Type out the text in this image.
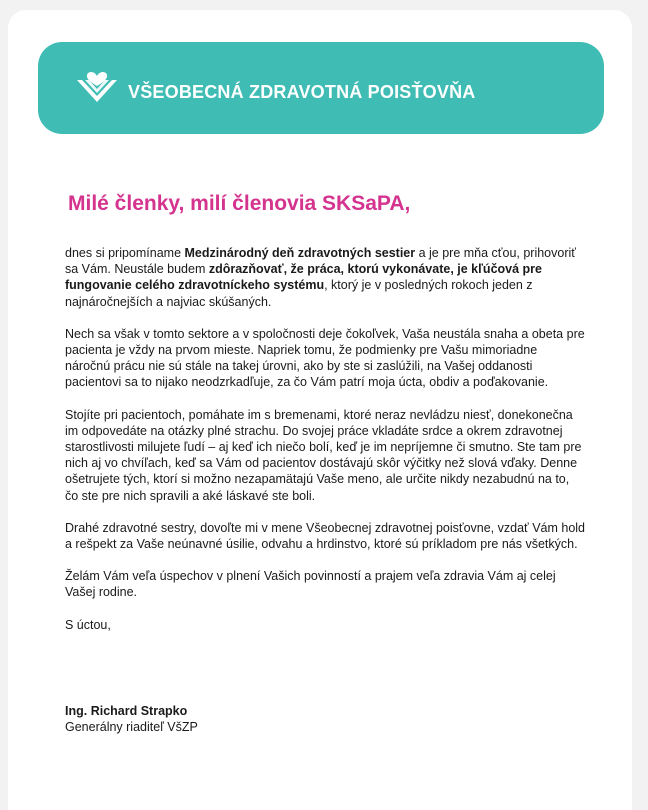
VŠEOBECNÁ ZDRAVOTNÁ POISŤOVŇA
Milé členky, milí členovia SKSaPA,

dnes si pripomíname Medzinárodný deň zdravotných sestier a je pre mňa cťou, prihovoriť sa Vám. Neustále budem zdôrazňovať, že práca, ktorú vykonávate, je kľúčová pre fungovanie celého zdravotníckeho systému, ktorý je v posledných rokoch jeden z najnáročnejších a najviac skúšaných.

Nech sa však v tomto sektore a v spoločnosti deje čokoľvek, Vaša neustála snaha a obeta pre pacienta je vždy na prvom mieste. Napriek tomu, že podmienky pre Vašu mimoriadne náročnú prácu nie sú stále na takej úrovni, ako by ste si zaslúžili, na Vašej oddanosti pacientovi sa to nijako neodzrkadľuje, za čo Vám patrí moja úcta, obdiv a poďakovanie.

Stojíte pri pacientoch, pomáhate im s bremenami, ktoré neraz nevládzu niesť, donekonečna im odpovedáte na otázky plné strachu. Do svojej práce vkladáte srdce a okrem zdravotnej starostlivosti milujete ľudí – aj keď ich niečo bolí, keď je im nepríjemne či smutno. Ste tam pre nich aj vo chvíľach, keď sa Vám od pacientov dostávajú skôr výčitky než slová vďaky. Denne ošetrujete tých, ktorí si možno nezapamätajú Vaše meno, ale určite nikdy nezabudnú na to, čo ste pre nich spravili a aké láskavé ste boli.

Drahé zdravotné sestry, dovoľte mi v mene Všeobecnej zdravotnej poisťovne, vzdať Vám hold a rešpekt za Vaše neúnavné úsilie, odvahu a hrdinstvo, ktoré sú príkladom pre nás všetkých.

Želám Vám veľa úspechov v plnení Vašich povinností a prajem veľa zdravia Vám aj celej Vašej rodine.

S úctou,

Ing. Richard Strapko
Generálny riaditeľ VšZP
